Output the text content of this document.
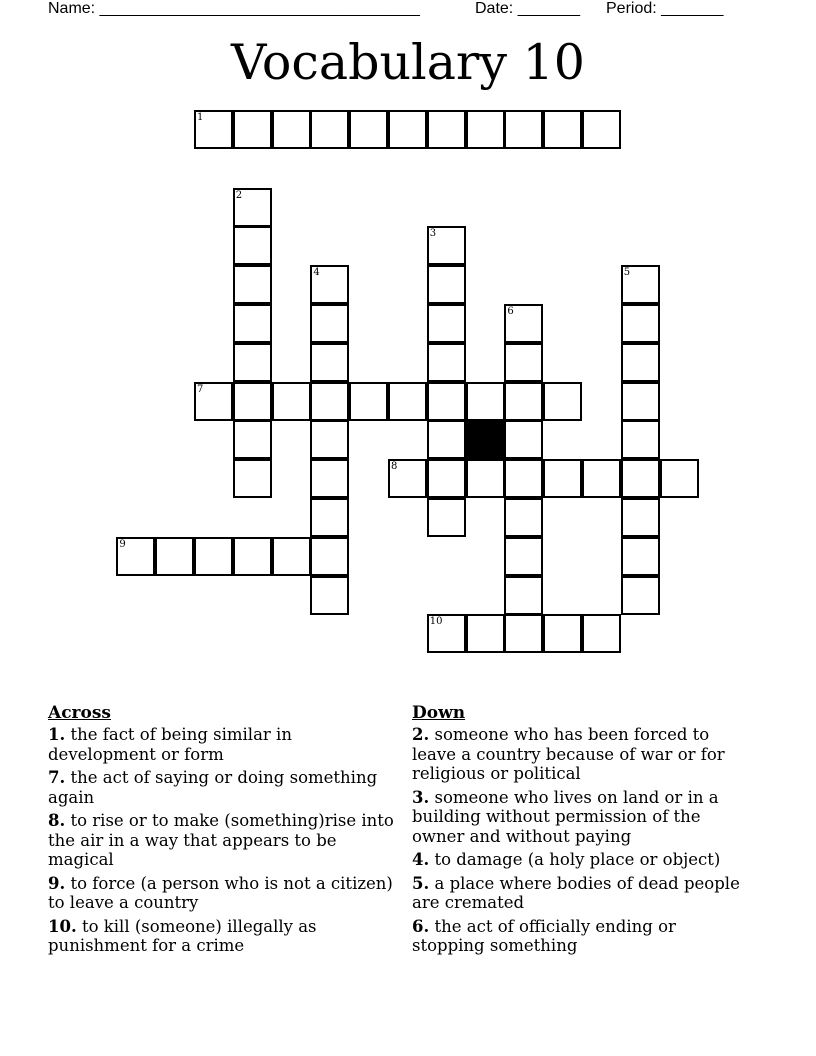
Name: ____________________________________	Date: _______ Period: _______
Vocabulary 10
1
2
3
4	5
6
7
8
9
10
Across
1. the fact of being similar in development or form
7. the act of saying or doing something again
8. to rise or to make (something)rise into the air in a way that appears to be magical
9. to force (a person who is not a citizen) to leave a country
10. to kill (someone) illegally as punishment for a crime
Down
2. someone who has been forced to leave a country because of war or for religious or political
3. someone who lives on land or in a building without permission of the owner and without paying
4. to damage (a holy place or object)
5. a place where bodies of dead people are cremated
6. the act of officially ending or stopping something
